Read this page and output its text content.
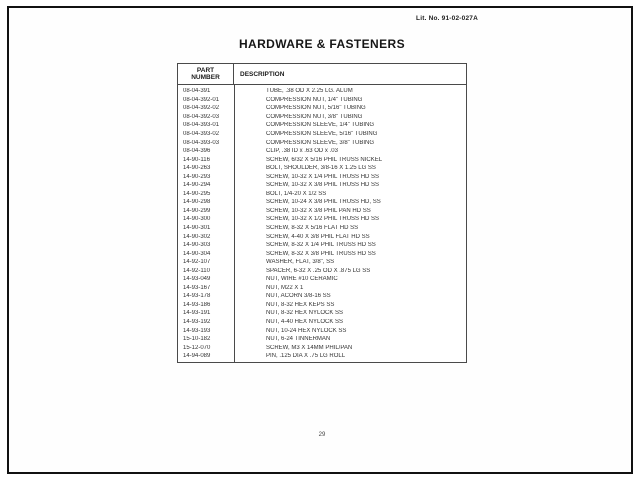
Lit. No. 91-02-027A
HARDWARE & FASTENERS
PART
NUMBER	DESCRIPTION
08-04-391	TUBE, .38 OD X 2.25 LG. ALUM
08-04-392-01	COMPRESSION NUT, 1/4" TUBING
08-04-392-02	COMPRESSION NUT, 5/16" TUBING
08-04-392-03	COMPRESSION NUT, 3/8" TUBING
08-04-393-01	COMPRESSION SLEEVE, 1/4" TUBING
08-04-393-02	COMPRESSION SLEEVE, 5/16" TUBING
08-04-393-03	COMPRESSION SLEEVE, 3/8" TUBING
08-04-396	CLIP, .38 ID x .63 OD x .03
14-90-116	SCREW, 6/32 X 5/16 PHIL TRUSS NICKEL
14-90-263	BOLT, SHOULDER, 3/8-16 X 1.25 LG SS
14-90-293	SCREW, 10-32 X 1/4 PHIL TRUSS HD SS
14-90-294	SCREW, 10-32 X 3/8 PHIL TRUSS HD SS
14-90-295	BOLT, 1/4-20 X 1/2 SS
14-90-298	SCREW, 10-24 X 3/8 PHIL TRUSS HD, SS
14-90-299	SCREW, 10-32 X 3/8 PHIL PAN HD SS
14-90-300	SCREW, 10-32 X 1/2 PHIL TRUSS HD SS
14-90-301	SCREW, 8-32 X 5/16 FLAT HD SS
14-90-302	SCREW, 4-40 X 3/8 PHIL FLAT HD SS
14-90-303	SCREW, 8-32 X 1/4 PHIL TRUSS HD SS
14-90-304	SCREW, 8-32 X 3/8 PHIL TRUSS HD SS
14-92-107	WASHER, FLAT, 3/8", SS
14-92-110	SPACER, 6-32 X .25 OD X .875 LG SS
14-93-049	NUT, WIRE #10 CERAMIC
14-93-167	NUT, M22 X 1
14-93-178	NUT, ACORN 3/8-16 SS
14-93-186	NUT, 8-32 HEX KEPS SS
14-93-191	NUT, 8-32 HEX NYLOCK SS
14-93-192	NUT, 4-40 HEX NYLOCK SS
14-93-193	NUT, 10-24 HEX NYLOCK SS
15-10-182	NUT, 6-24 TINNERMAN
15-12-070	SCREW, M3 X 14MM PHIL/PAN
14-94-089	PIN, .125 DIA X .75 LG ROLL
29
